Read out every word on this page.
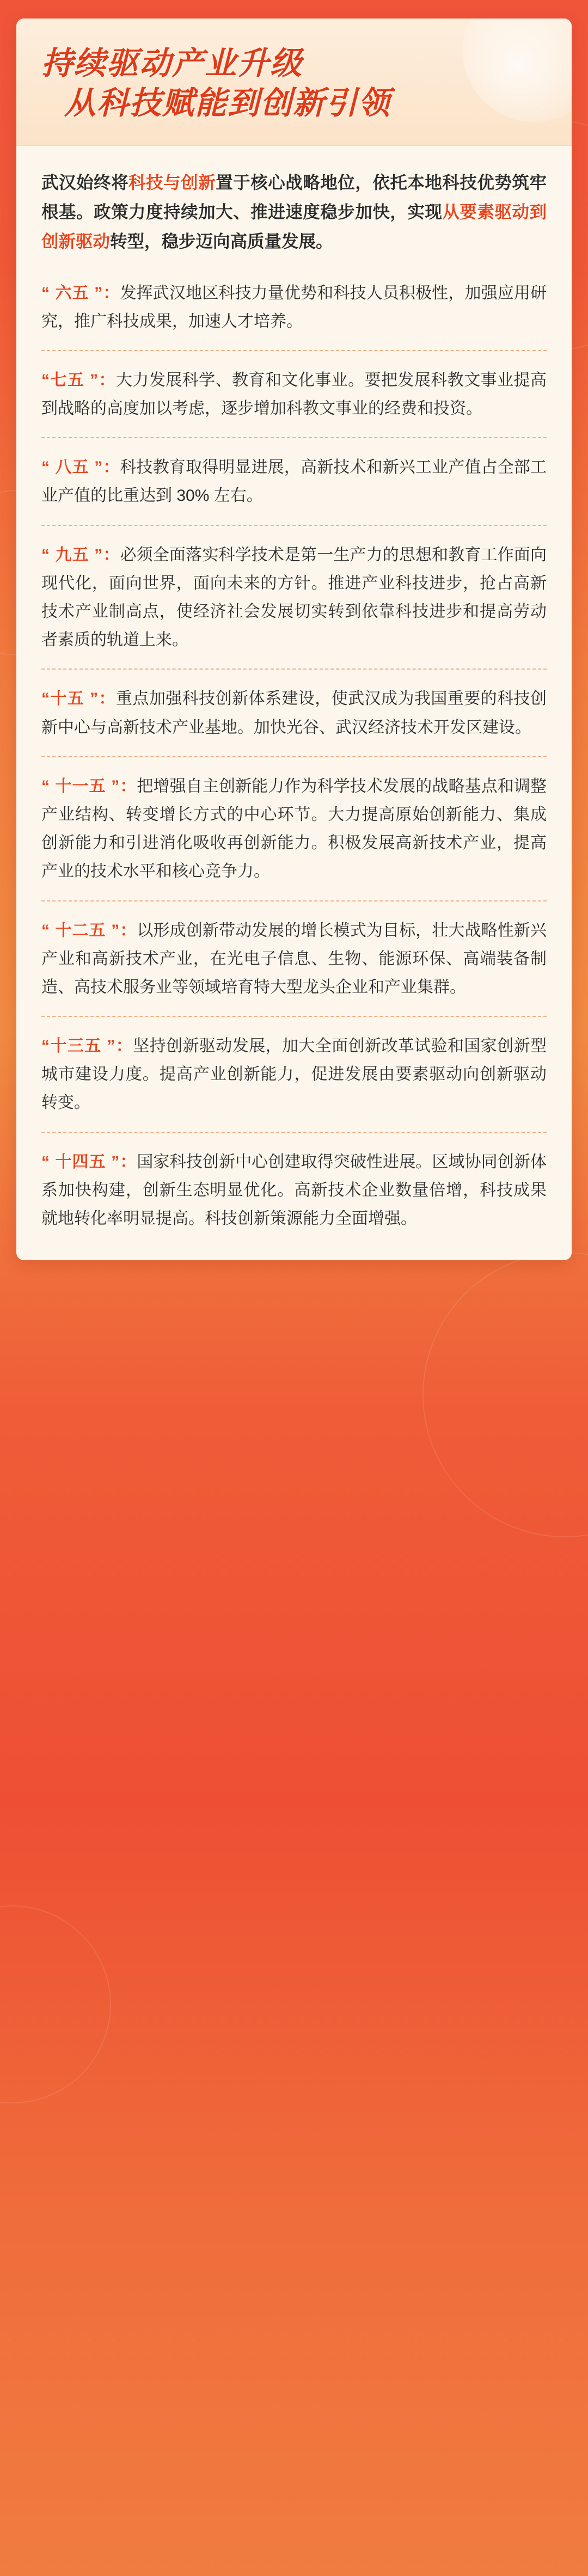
持续驱动产业升级
从科技赋能到创新引领

武汉始终将科技与创新置于核心战略地位，依托本地科技优势筑牢根基。政策力度持续加大、推进速度稳步加快，实现从要素驱动到创新驱动转型，稳步迈向高质量发展。

“ 六五 ”：发挥武汉地区科技力量优势和科技人员积极性，加强应用研究，推广科技成果，加速人才培养。

“七五 ”：大力发展科学、教育和文化事业。要把发展科教文事业提高到战略的高度加以考虑，逐步增加科教文事业的经费和投资。

“ 八五 ”：科技教育取得明显进展，高新技术和新兴工业产值占全部工业产值的比重达到 30% 左右。

“ 九五 ”：必须全面落实科学技术是第一生产力的思想和教育工作面向现代化，面向世界，面向未来的方针。推进产业科技进步，抢占高新技术产业制高点，使经济社会发展切实转到依靠科技进步和提高劳动者素质的轨道上来。

“十五 ”：重点加强科技创新体系建设，使武汉成为我国重要的科技创新中心与高新技术产业基地。加快光谷、武汉经济技术开发区建设。

“ 十一五 ”：把增强自主创新能力作为科学技术发展的战略基点和调整产业结构、转变增长方式的中心环节。大力提高原始创新能力、集成创新能力和引进消化吸收再创新能力。积极发展高新技术产业，提高产业的技术水平和核心竞争力。

“ 十二五 ”：以形成创新带动发展的增长模式为目标，壮大战略性新兴产业和高新技术产业，在光电子信息、生物、能源环保、高端装备制造、高技术服务业等领域培育特大型龙头企业和产业集群。

“十三五 ”：坚持创新驱动发展，加大全面创新改革试验和国家创新型城市建设力度。提高产业创新能力，促进发展由要素驱动向创新驱动转变。

“ 十四五 ”：国家科技创新中心创建取得突破性进展。区域协同创新体系加快构建，创新生态明显优化。高新技术企业数量倍增，科技成果就地转化率明显提高。科技创新策源能力全面增强。
